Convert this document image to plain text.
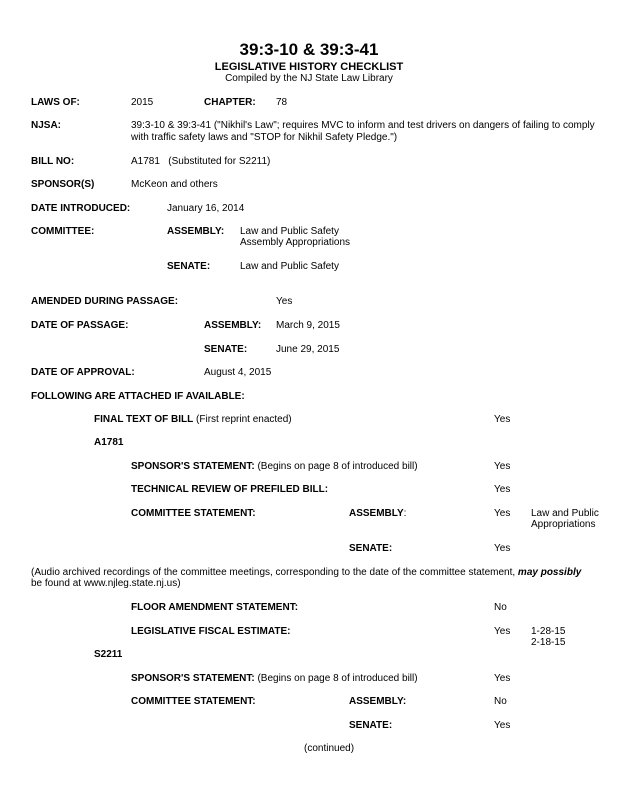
39:3-10 & 39:3-41
LEGISLATIVE HISTORY CHECKLIST
Compiled by the NJ State Law Library
LAWS OF:	2015	CHAPTER: 78
NJSA:	39:3-10 & 39:3-41 ("Nikhil's Law"; requires MVC to inform and test drivers on dangers of failing to comply
with traffic safety laws and "STOP for Nikhil Safety Pledge.")
BILL NO:	A1781   (Substituted for S2211)
SPONSOR(S)	McKeon and others
DATE INTRODUCED:	January 16, 2014
COMMITTEE:	ASSEMBLY: Law and Public Safety
Assembly Appropriations
SENATE:	Law and Public Safety
AMENDED DURING PASSAGE:	Yes
DATE OF PASSAGE:	ASSEMBLY: March 9, 2015
SENATE:	June 29, 2015
DATE OF APPROVAL:	August 4, 2015
FOLLOWING ARE ATTACHED IF AVAILABLE:
FINAL TEXT OF BILL (First reprint enacted)	Yes
A1781
SPONSOR'S STATEMENT: (Begins on page 8 of introduced bill)	Yes
TECHNICAL REVIEW OF PREFILED BILL:	Yes
COMMITTEE STATEMENT:	ASSEMBLY:	Yes Law and Public
Appropriations
SENATE:	Yes
(Audio archived recordings of the committee meetings, corresponding to the date of the committee statement, may possibly
be found at www.njleg.state.nj.us)
FLOOR AMENDMENT STATEMENT:	No
LEGISLATIVE FISCAL ESTIMATE:	Yes 1-28-15
2-18-15
S2211
SPONSOR'S STATEMENT: (Begins on page 8 of introduced bill)	Yes
COMMITTEE STATEMENT:	ASSEMBLY:	No
SENATE:	Yes
(continued)
